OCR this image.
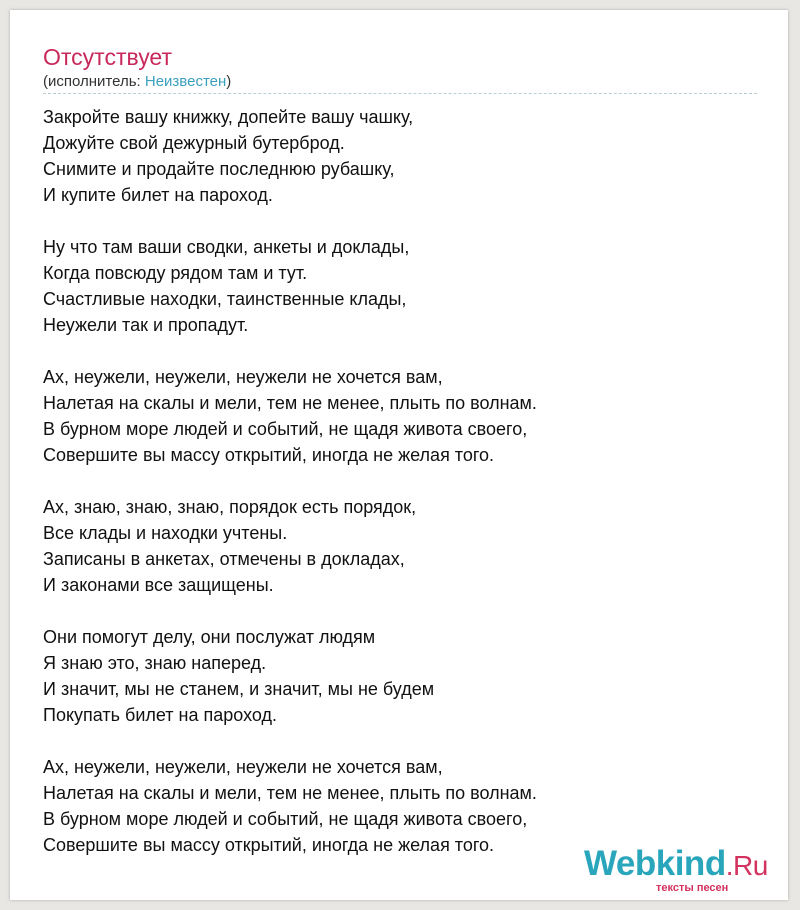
Отсутствует
(исполнитель: Неизвестен)
Закройте вашу книжку, допейте вашу чашку,
Дожуйте свой дежурный бутерброд.
Снимите и продайте последнюю рубашку,
И купите билет на пароход.
Ну что там ваши сводки, анкеты и доклады,
Когда повсюду рядом там и тут.
Счастливые находки, таинственные клады,
Неужели так и пропадут.
Ах, неужели, неужели, неужели не хочется вам,
Налетая на скалы и мели, тем не менее, плыть по волнам.
В бурном море людей и событий, не щадя живота своего,
Совершите вы массу открытий, иногда не желая того.
Ах, знаю, знаю, знаю, порядок есть порядок,
Все клады и находки учтены.
Записаны в анкетах, отмечены в докладах,
И законами все защищены.
Они помогут делу, они послужат людям
Я знаю это, знаю наперед.
И значит, мы не станем, и значит, мы не будем
Покупать билет на пароход.
Ах, неужели, неужели, неужели не хочется вам,
Налетая на скалы и мели, тем не менее, плыть по волнам.
В бурном море людей и событий, не щадя живота своего,
Совершите вы массу открытий, иногда не желая того.	Webkind.Ru
тексты песен
